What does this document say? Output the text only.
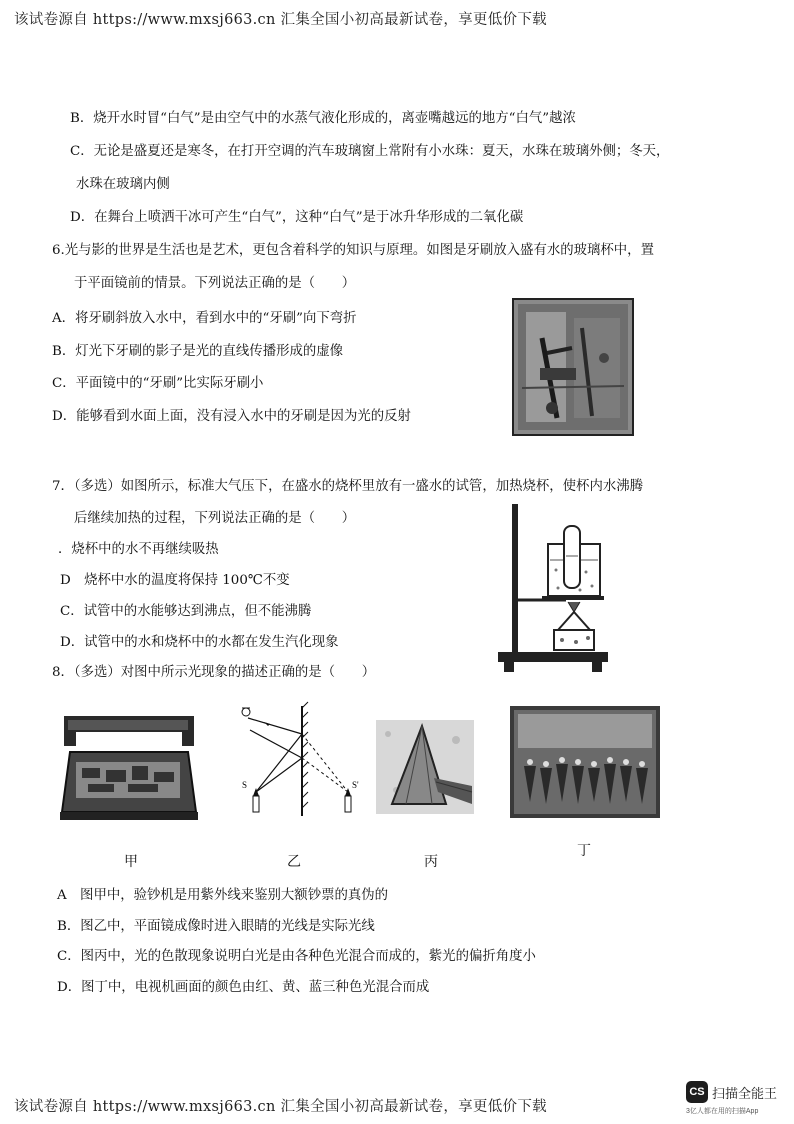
该试卷源自 https://www.mxsj663.cn 汇集全国小初高最新试卷，享更低价下载
B．烧开水时冒“白气”是由空气中的水蒸气液化形成的，离壶嘴越远的地方“白气”越浓
C．无论是盛夏还是寒冬，在打开空调的汽车玻璃窗上常附有小水珠：夏天，水珠在玻璃外侧；冬天，
水珠在玻璃内侧
D．在舞台上喷洒干冰可产生“白气”，这种“白气”是于冰升华形成的二氧化碳
6.光与影的世界是生活也是艺术，更包含着科学的知识与原理。如图是牙刷放入盛有水的玻璃杯中，置
于平面镜前的情景。下列说法正确的是（　　）
A．将牙刷斜放入水中，看到水中的“牙刷”向下弯折
B．灯光下牙刷的影子是光的直线传播形成的虚像
C．平面镜中的“牙刷”比实际牙刷小
D．能够看到水面上面，没有浸入水中的牙刷是因为光的反射
7．（多选）如图所示，标准大气压下，在盛水的烧杯里放有一盛水的试管，加热烧杯，使杯内水沸腾
后继续加热的过程，下列说法正确的是（　　）
．烧杯中的水不再继续吸热
D　烧杯中水的温度将保持 100℃不变
C．试管中的水能够达到沸点，但不能沸腾
D．试管中的水和烧杯中的水都在发生汽化现象
8．（多选）对图中所示光现象的描述正确的是（　　）
S	S'
甲	乙	丙
丁
A　图甲中，验钞机是用紫外线来鉴别大额钞票的真伪的
B．图乙中，平面镜成像时进入眼睛的光线是实际光线
C．图丙中，光的色散现象说明白光是由各种色光混合而成的，紫光的偏折角度小
D．图丁中，电视机画面的颜色由红、黄、蓝三种色光混合而成
该试卷源自 https://www.mxsj663.cn 汇集全国小初高最新试卷，享更低价下载
CS 扫描全能王
3亿人都在用的扫描App
